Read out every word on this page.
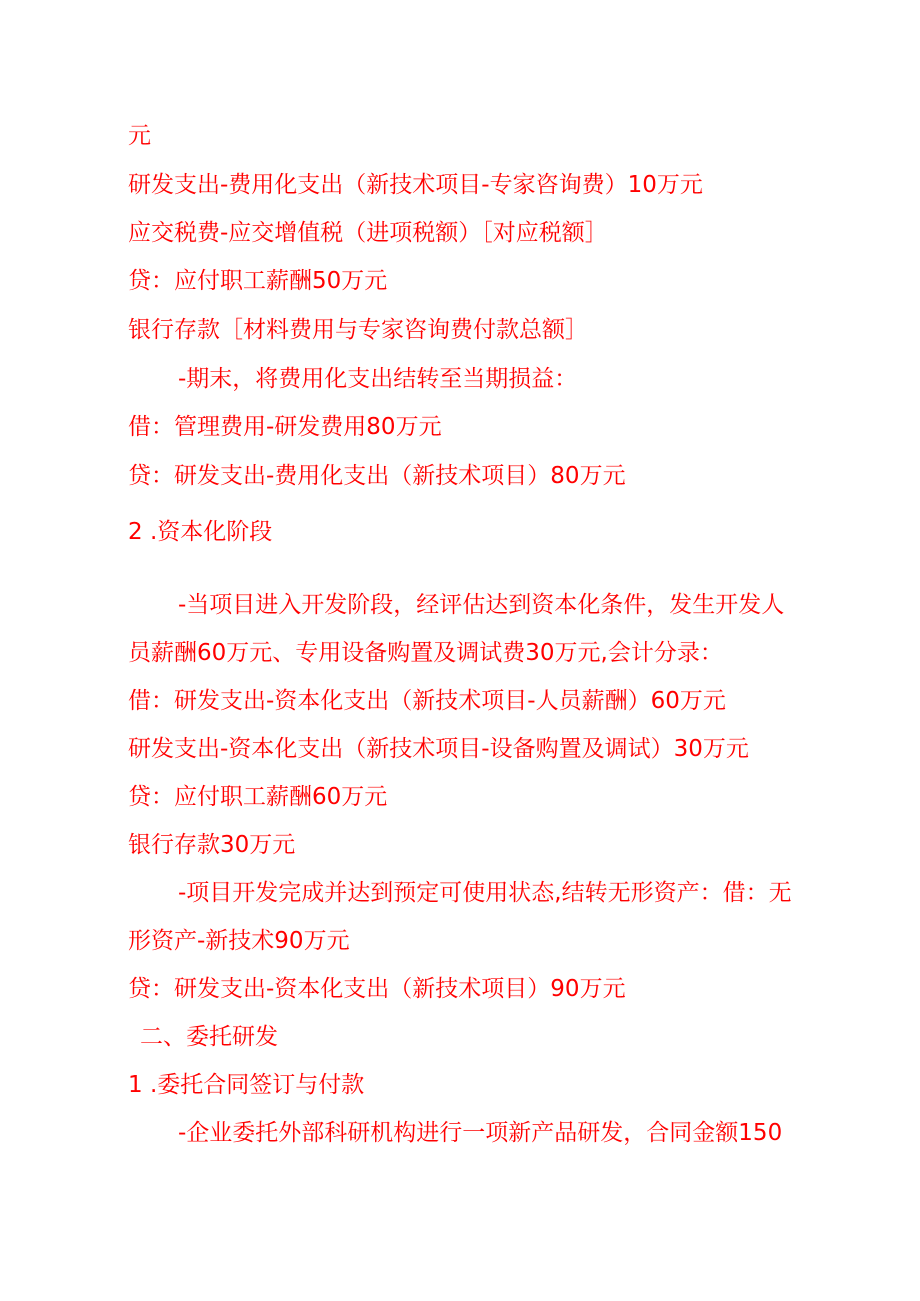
元
研发支出-费用化支出（新技术项目-专家咨询费）10万元
应交税费-应交增值税（进项税额）［对应税额］
贷：应付职工薪酬50万元
银行存款［材料费用与专家咨询费付款总额］
-期末，将费用化支出结转至当期损益：
借：管理费用-研发费用80万元
贷：研发支出-费用化支出（新技术项目）80万元
2 .资本化阶段
-当项目进入开发阶段，经评估达到资本化条件，发生开发人
员薪酬60万元、专用设备购置及调试费30万元,会计分录：
借：研发支出-资本化支出（新技术项目-人员薪酬）60万元
研发支出-资本化支出（新技术项目-设备购置及调试）30万元
贷：应付职工薪酬60万元
银行存款30万元
-项目开发完成并达到预定可使用状态,结转无形资产：借：无
形资产-新技术90万元
贷：研发支出-资本化支出（新技术项目）90万元
二、委托研发
1 .委托合同签订与付款
-企业委托外部科研机构进行一项新产品研发，合同金额150
